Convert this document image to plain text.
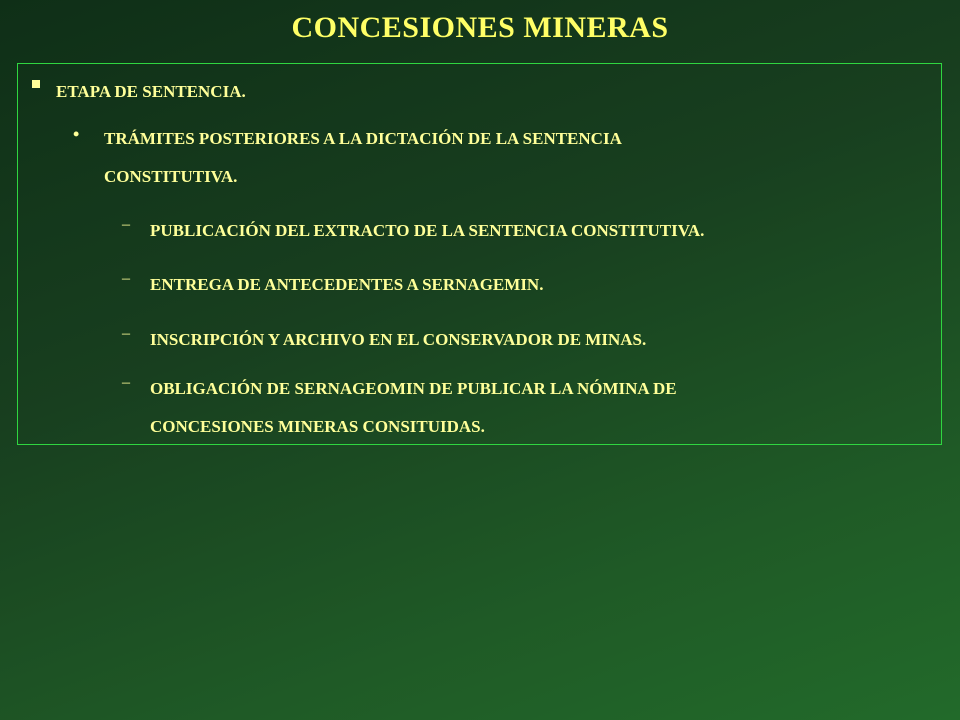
CONCESIONES MINERAS
ETAPA DE SENTENCIA.
• TRÁMITES POSTERIORES A LA DICTACIÓN DE LA SENTENCIA
CONSTITUTIVA.
– PUBLICACIÓN DEL EXTRACTO DE LA SENTENCIA CONSTITUTIVA.
– ENTREGA DE ANTECEDENTES A SERNAGEMIN.
– INSCRIPCIÓN Y ARCHIVO EN EL CONSERVADOR DE MINAS.
– OBLIGACIÓN DE SERNAGEOMIN DE PUBLICAR LA NÓMINA DE
CONCESIONES MINERAS CONSITUIDAS.
